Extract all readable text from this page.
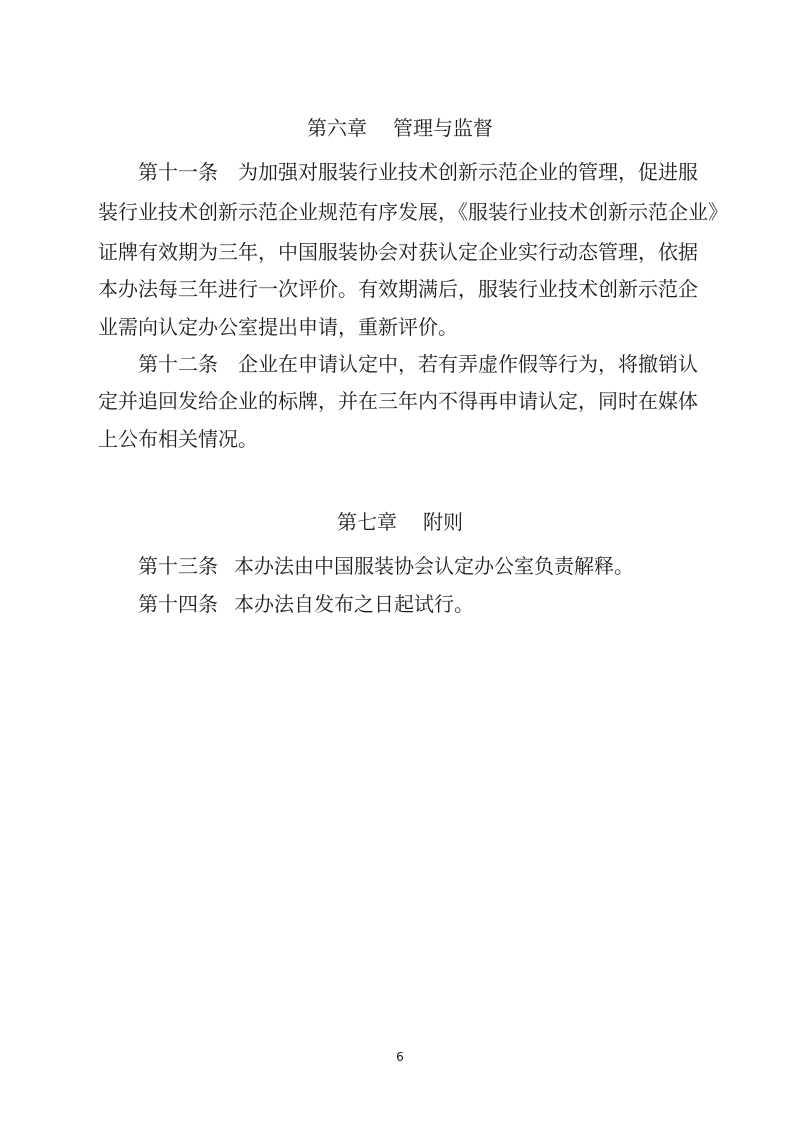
第六章 管理与监督
第十一条 为加强对服装行业技术创新示范企业的管理，促进服
装行业技术创新示范企业规范有序发展，《服装行业技术创新示范企业》
证牌有效期为三年，中国服装协会对获认定企业实行动态管理，依据
本办法每三年进行一次评价。有效期满后，服装行业技术创新示范企
业需向认定办公室提出申请，重新评价。
第十二条 企业在申请认定中，若有弄虚作假等行为，将撤销认
定并追回发给企业的标牌，并在三年内不得再申请认定，同时在媒体
上公布相关情况。
第七章 附则
第十三条 本办法由中国服装协会认定办公室负责解释。
第十四条 本办法自发布之日起试行。
6
